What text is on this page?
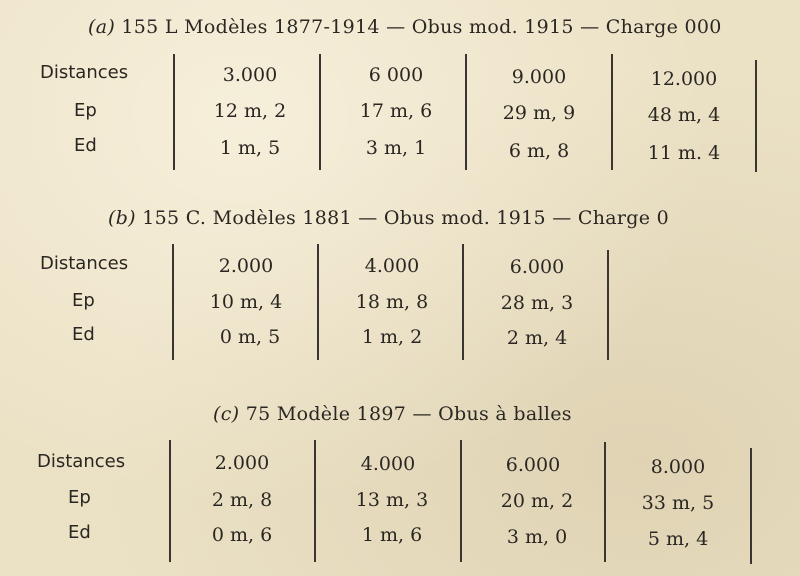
(a) 155 L Modèles 1877-1914 — Obus mod. 1915 — Charge 000
Distances
Ep
Ed
3.000
12 m, 2
1 m, 5
6 000
17 m, 6
3 m, 1
9.000
29 m, 9
6 m, 8
12.000
48 m, 4
11 m. 4
(b) 155 C. Modèles 1881 — Obus mod. 1915 — Charge 0
Distances
Ep
Ed
2.000
10 m, 4
0 m, 5
4.000
18 m, 8
1 m, 2
6.000
28 m, 3
2 m, 4
(c) 75 Modèle 1897 — Obus à balles
Distances
Ep
Ed
2.000
2 m, 8
0 m, 6
4.000
13 m, 3
1 m, 6
6.000
20 m, 2
3 m, 0
8.000
33 m, 5
5 m, 4
